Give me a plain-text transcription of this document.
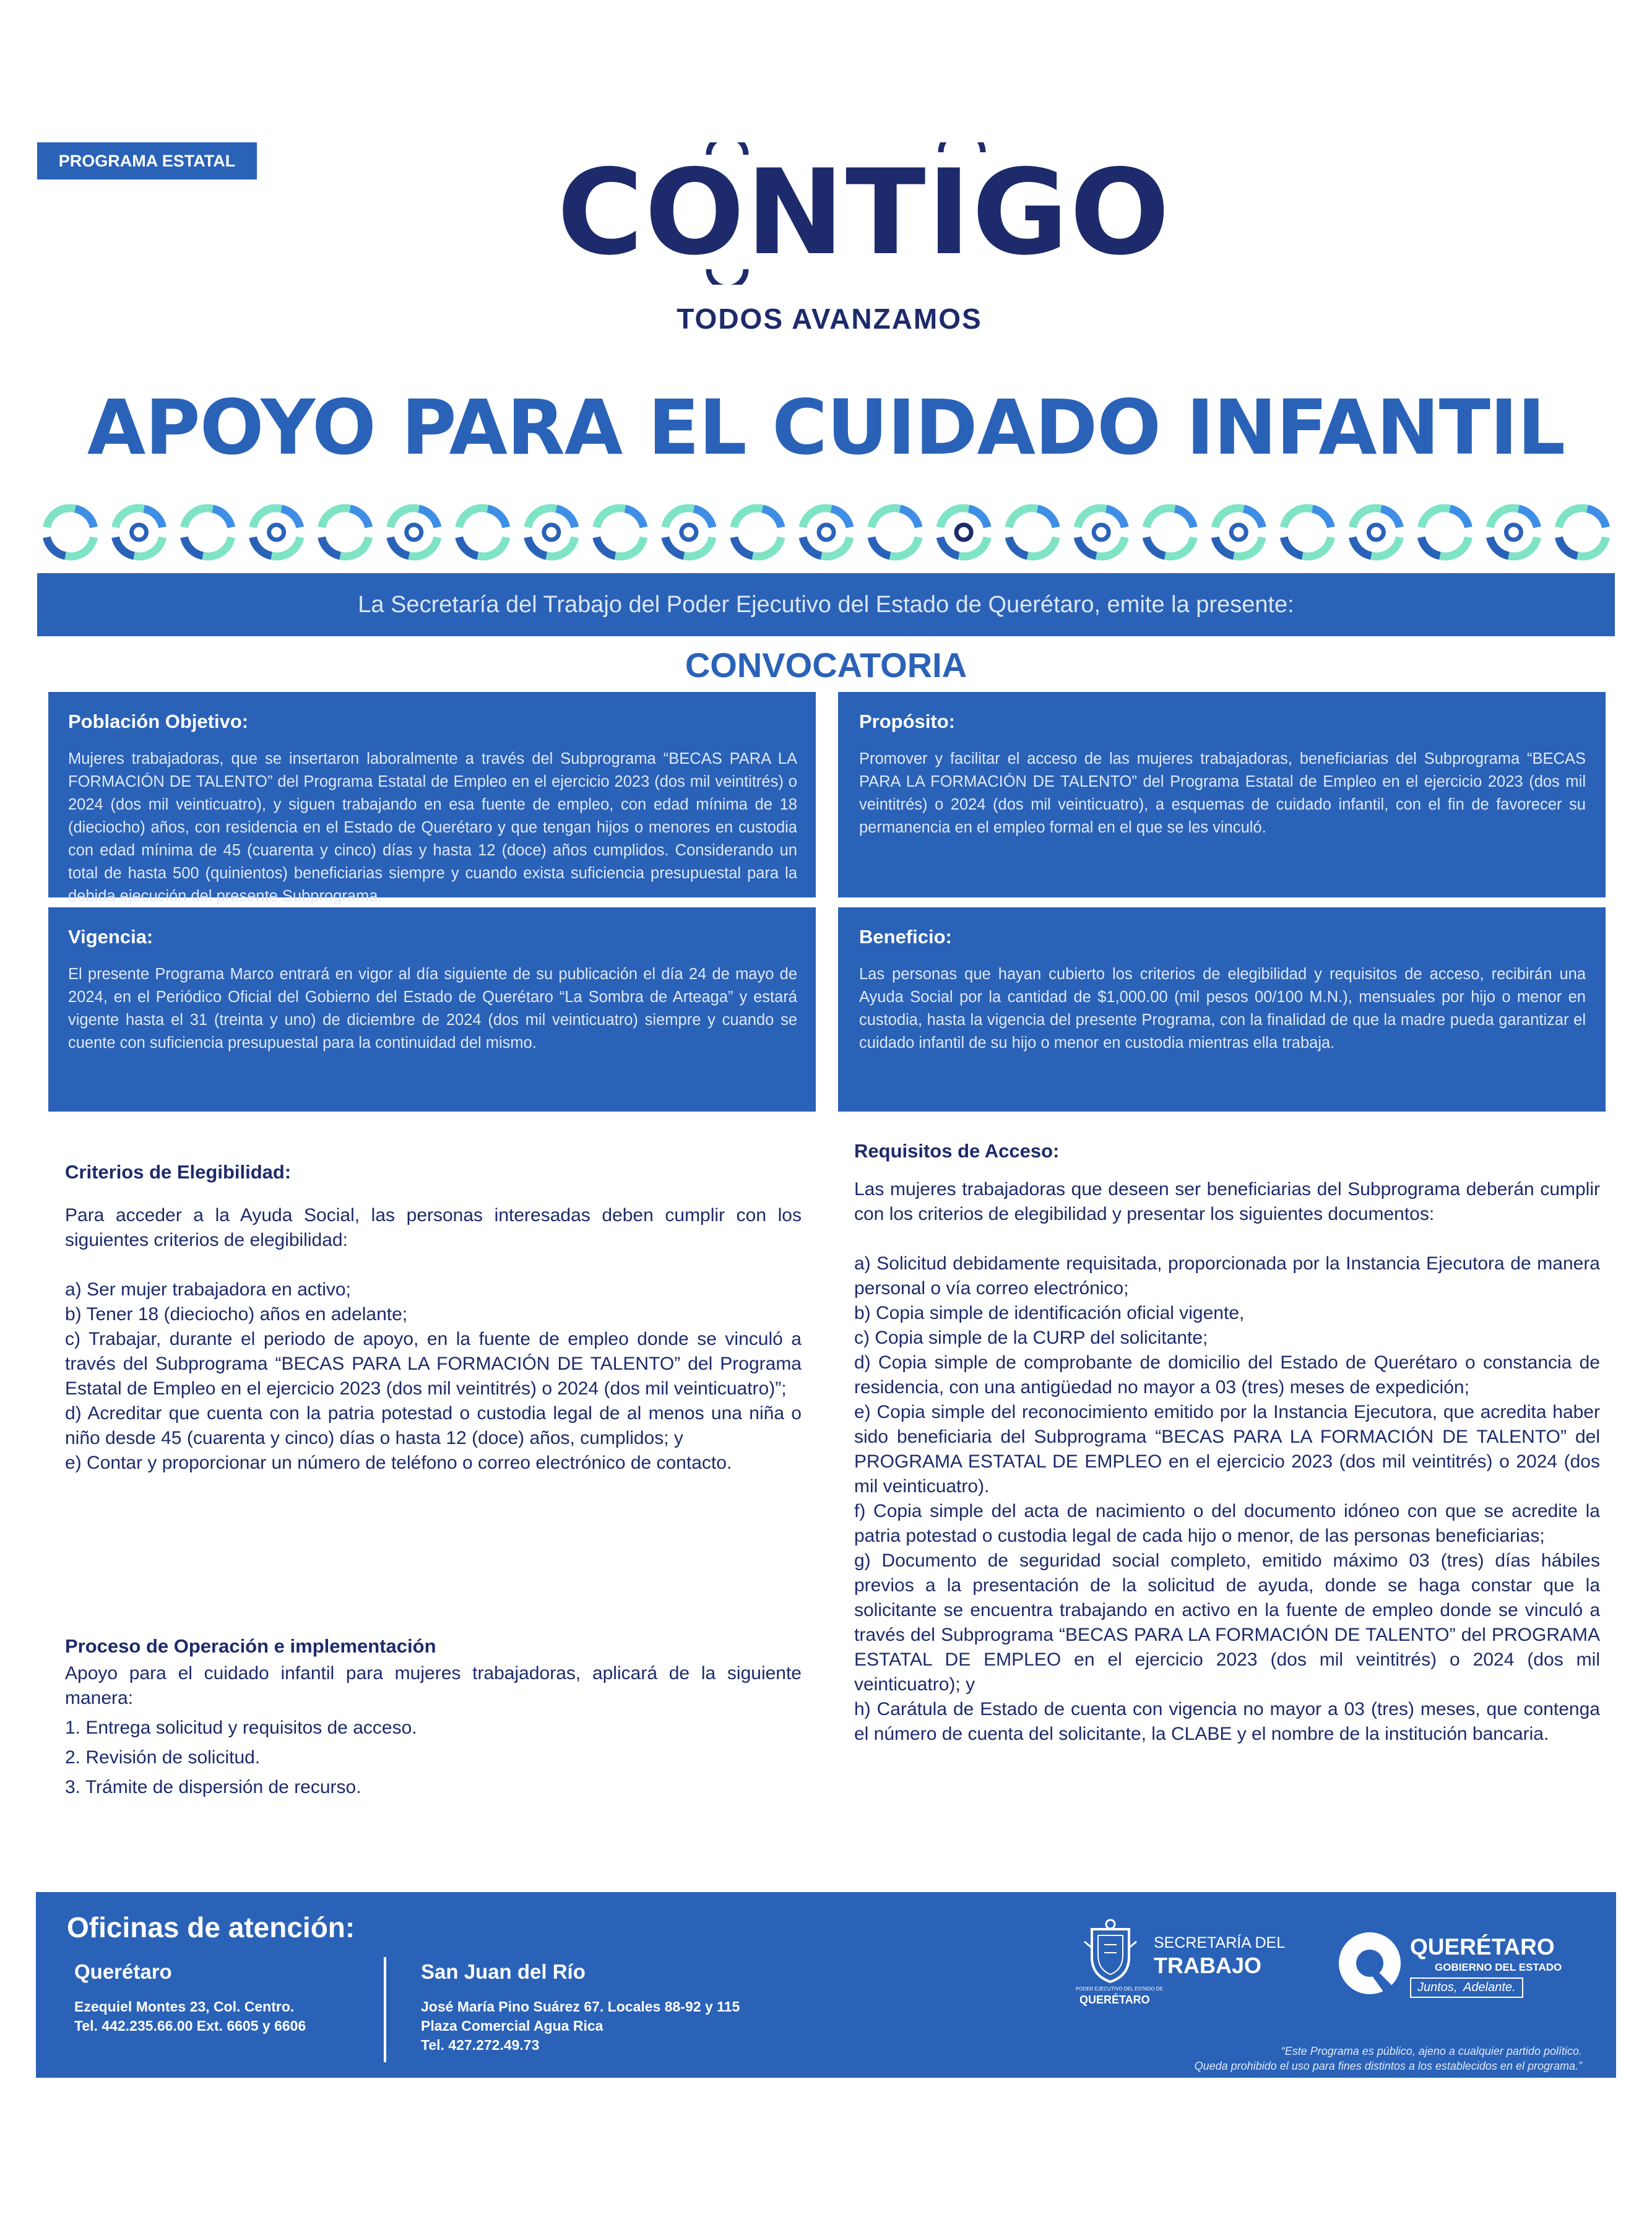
PROGRAMA ESTATAL	CONTIGO
TODOS AVANZAMOS
APOYO PARA EL CUIDADO INFANTIL
La Secretaría del Trabajo del Poder Ejecutivo del Estado de Querétaro, emite la presente:
CONVOCATORIA
Población Objetivo:

Mujeres trabajadoras, que se insertaron laboralmente a través del Subprograma “BECAS PARA LA FORMACIÓN DE TALENTO” del Programa Estatal de Empleo en el ejercicio 2023 (dos mil veintitrés) o 2024 (dos mil veinticuatro), y siguen trabajando en esa fuente de empleo, con edad mínima de 18 (dieciocho) años, con residencia en el Estado de Querétaro y que tengan hijos o menores en custodia con edad mínima de 45 (cuarenta y cinco) días y hasta 12 (doce) años cumplidos. Considerando un total de hasta 500 (quinientos) beneficiarias siempre y cuando exista suficiencia presupuestal para la debida ejecución del presente Subprograma.

Propósito:

Promover y facilitar el acceso de las mujeres trabajadoras, beneficiarias del Subprograma “BECAS PARA LA FORMACIÓN DE TALENTO” del Programa Estatal de Empleo en el ejercicio 2023 (dos mil veintitrés) o 2024 (dos mil veinticuatro), a esquemas de cuidado infantil, con el fin de favorecer su permanencia en el empleo formal en el que se les vinculó.

Vigencia:

El presente Programa Marco entrará en vigor al día siguiente de su publicación el día 24 de mayo de 2024, en el Periódico Oficial del Gobierno del Estado de Querétaro “La Sombra de Arteaga” y estará vigente hasta el 31 (treinta y uno) de diciembre de 2024 (dos mil veinticuatro) siempre y cuando se cuente con suficiencia presupuestal para la continuidad del mismo.

Beneficio:

Las personas que hayan cubierto los criterios de elegibilidad y requisitos de acceso, recibirán una Ayuda Social por la cantidad de $1,000.00 (mil pesos 00/100 M.N.), mensuales por hijo o menor en custodia, hasta la vigencia del presente Programa, con la finalidad de que la madre pueda garantizar el cuidado infantil de su hijo o menor en custodia mientras ella trabaja.

Criterios de Elegibilidad:
Para acceder a la Ayuda Social, las personas interesadas deben cumplir con los siguientes criterios de elegibilidad:
a) Ser mujer trabajadora en activo;
b) Tener 18 (dieciocho) años en adelante;
c) Trabajar, durante el periodo de apoyo, en la fuente de empleo donde se vinculó a través del Subprograma “BECAS PARA LA FORMACIÓN DE TALENTO” del Programa Estatal de Empleo en el ejercicio 2023 (dos mil veintitrés) o 2024 (dos mil veinticuatro)”;
d) Acreditar que cuenta con la patria potestad o custodia legal de al menos una niña o niño desde 45 (cuarenta y cinco) días o hasta 12 (doce) años, cumplidos; y
e) Contar y proporcionar un número de teléfono o correo electrónico de contacto.
Proceso de Operación e implementación
Apoyo para el cuidado infantil para mujeres trabajadoras, aplicará de la siguiente manera:
1. Entrega solicitud y requisitos de acceso.
2. Revisión de solicitud.
3. Trámite de dispersión de recurso.
Requisitos de Acceso:
Las mujeres trabajadoras que deseen ser beneficiarias del Subprograma deberán cumplir con los criterios de elegibilidad y presentar los siguientes documentos:
a) Solicitud debidamente requisitada, proporcionada por la Instancia Ejecutora de manera personal o vía correo electrónico;
b) Copia simple de identificación oficial vigente,
c) Copia simple de la CURP del solicitante;
d) Copia simple de comprobante de domicilio del Estado de Querétaro o constancia de residencia, con una antigüedad no mayor a 03 (tres) meses de expedición;
e) Copia simple del reconocimiento emitido por la Instancia Ejecutora, que acredita haber sido beneficiaria del Subprograma “BECAS PARA LA FORMACIÓN DE TALENTO” del PROGRAMA ESTATAL DE EMPLEO en el ejercicio 2023 (dos mil veintitrés) o 2024 (dos mil veinticuatro).
f) Copia simple del acta de nacimiento o del documento idóneo con que se acredite la patria potestad o custodia legal de cada hijo o menor, de las personas beneficiarias;
g) Documento de seguridad social completo, emitido máximo 03 (tres) días hábiles previos a la presentación de la solicitud de ayuda, donde se haga constar que la solicitante se encuentra trabajando en activo en la fuente de empleo donde se vinculó a través del Subprograma “BECAS PARA LA FORMACIÓN DE TALENTO” del PROGRAMA ESTATAL DE EMPLEO en el ejercicio 2023 (dos mil veintitrés) o 2024 (dos mil veinticuatro); y
h) Carátula de Estado de cuenta con vigencia no mayor a 03 (tres) meses, que contenga el número de cuenta del solicitante, la CLABE y el nombre de la institución bancaria.
Oficinas de atención:
Querétaro
Ezequiel Montes 23, Col. Centro.
Tel. 442.235.66.00 Ext. 6605 y 6606
San Juan del Río
José María Pino Suárez 67. Locales 88-92 y 115
Plaza Comercial Agua Rica
Tel. 427.272.49.73
PODER EJECUTIVO DEL ESTADO DE
QUERÉTARO
SECRETARÍA DEL
TRABAJO
QUERÉTARO
GOBIERNO DEL ESTADO
Juntos, Adelante.
“Este Programa es público, ajeno a cualquier partido político.
Queda prohibido el uso para fines distintos a los establecidos en el programa.”
